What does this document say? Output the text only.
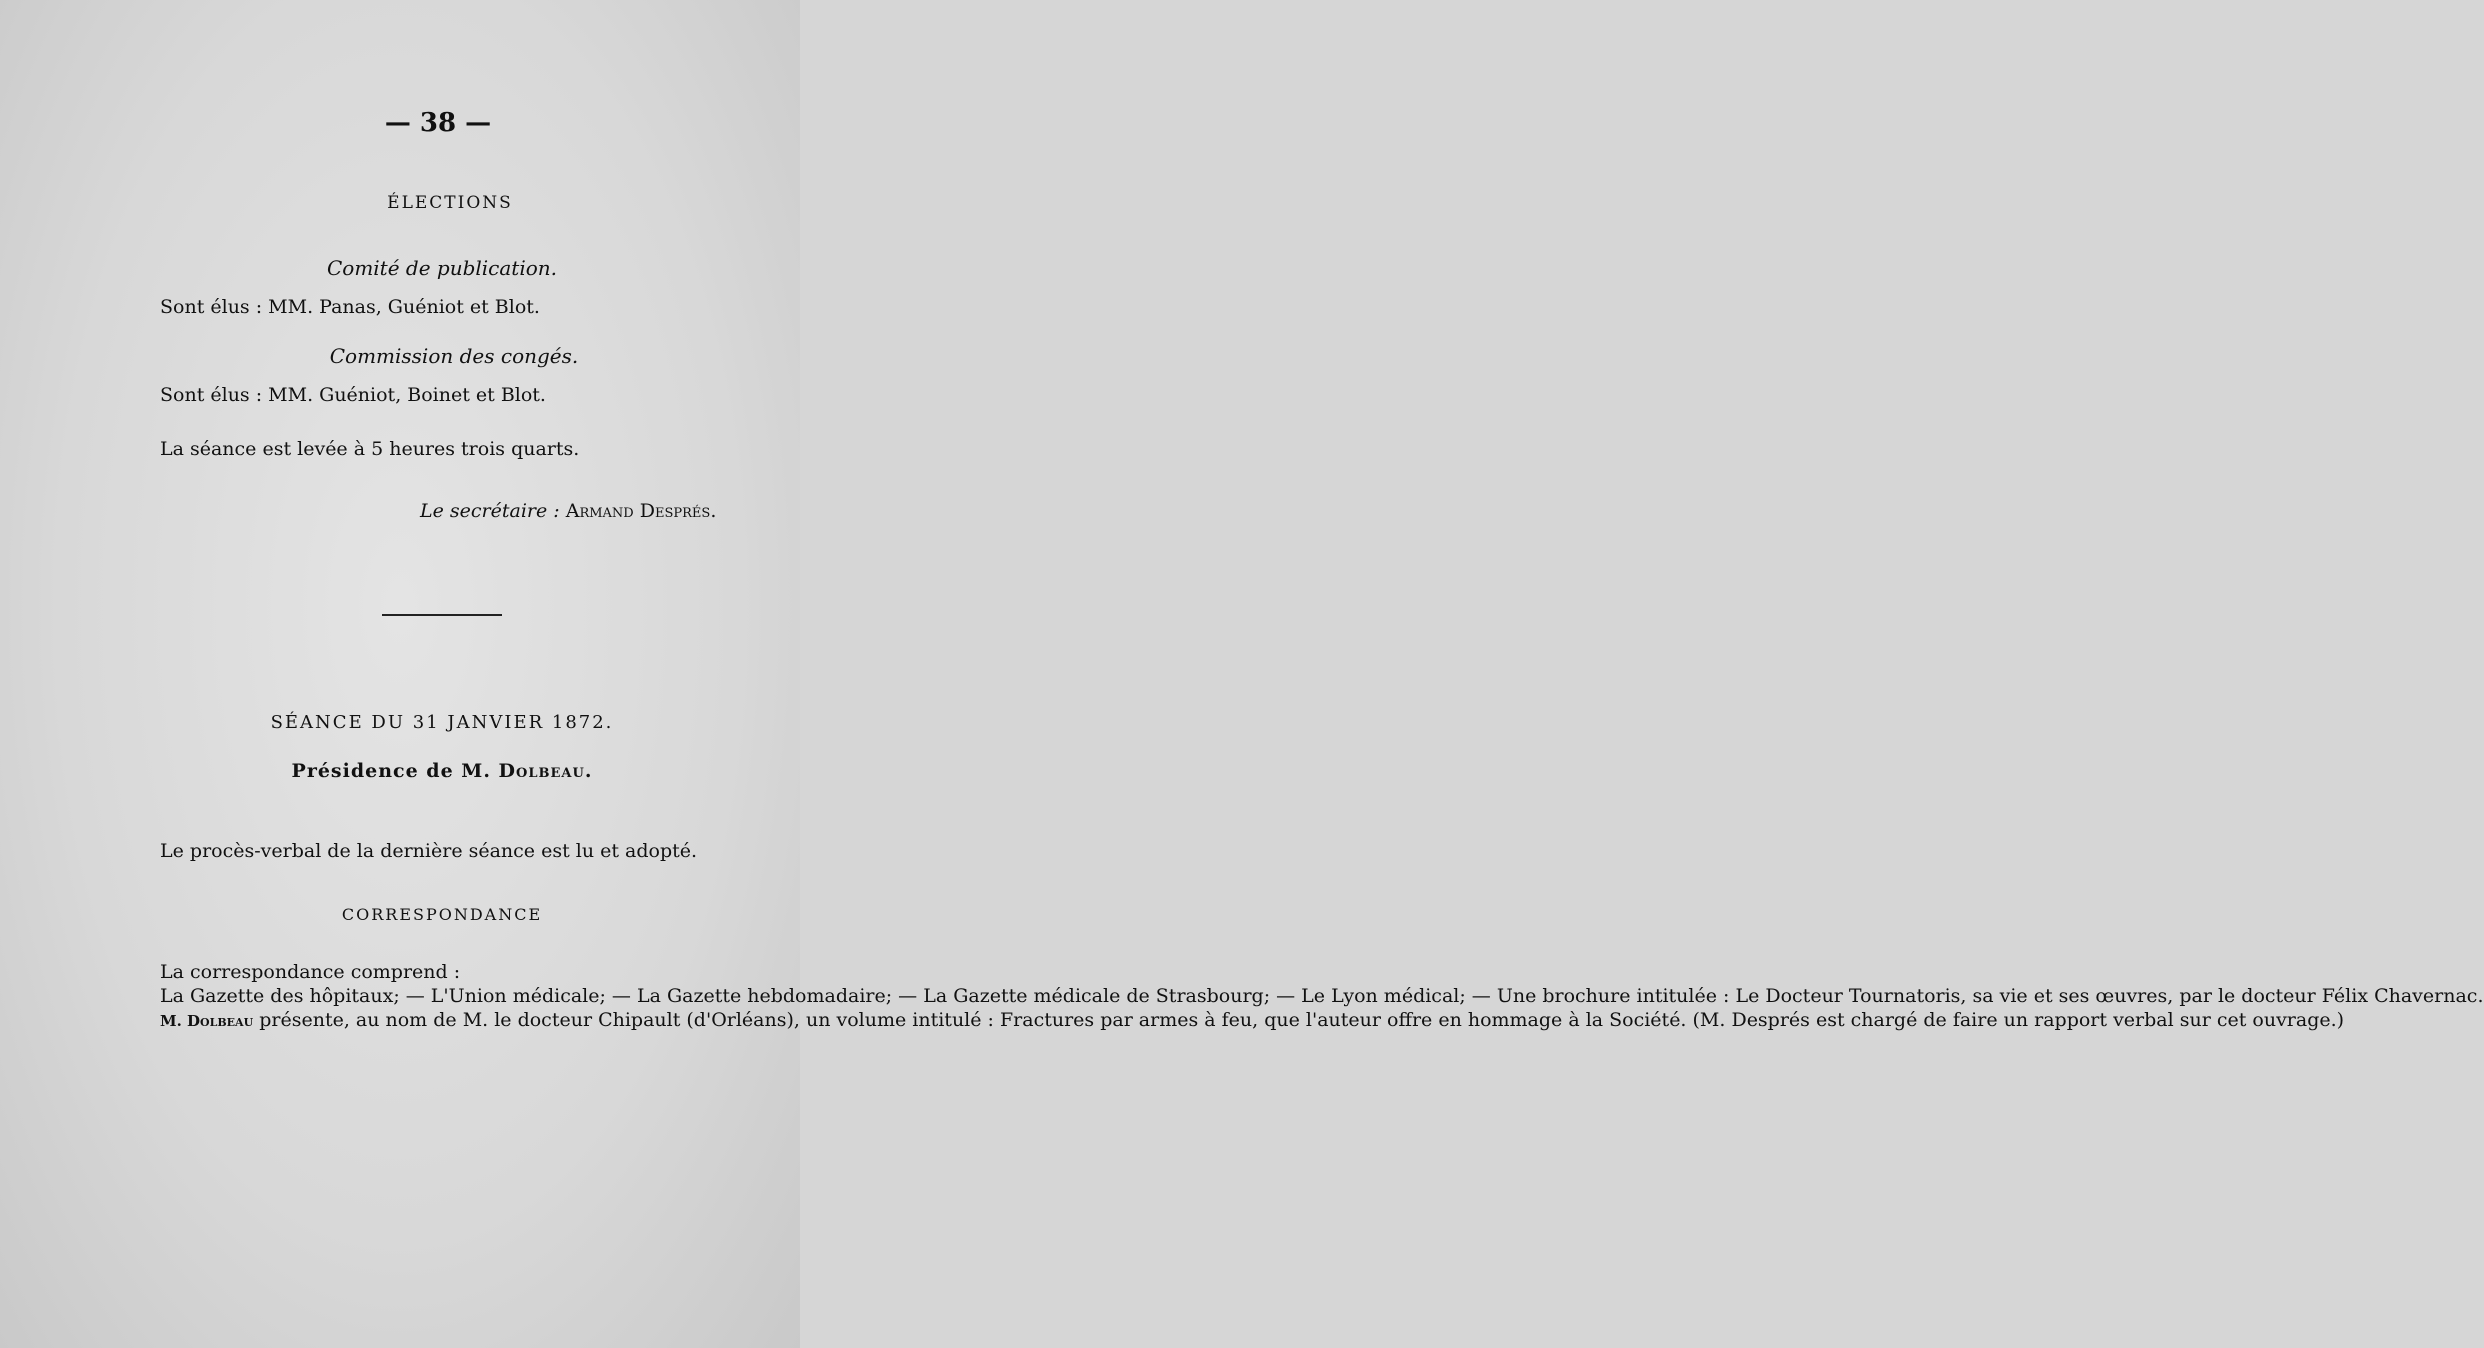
— 38 —
ÉLECTIONS
Comité de publication.
Sont élus : MM. Panas, Guéniot et Blot.
Commission des congés.
Sont élus : MM. Guéniot, Boinet et Blot.
La séance est levée à 5 heures trois quarts.
Le secrétaire : Armand Després.
SÉANCE DU 31 JANVIER 1872.
Présidence de M. Dolbeau.
Le procès-verbal de la dernière séance est lu et adopté.
CORRESPONDANCE

La correspondance comprend :

La Gazette des hôpitaux; — L'Union médicale; — La Gazette hebdomadaire; — La Gazette médicale de Strasbourg; — Le Lyon médical; — Une brochure intitulée : Le Docteur Tournatoris, sa vie et ses œuvres, par le docteur Félix Chavernac.

M. Dolbeau présente, au nom de M. le docteur Chipault (d'Orléans), un volume intitulé : Fractures par armes à feu, que l'auteur offre en hommage à la Société. (M. Després est chargé de faire un rapport verbal sur cet ouvrage.)
